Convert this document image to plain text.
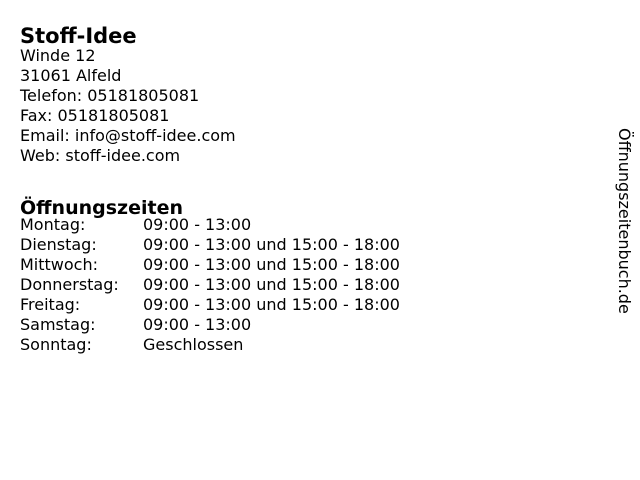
Stoff-Idee
Winde 12
31061 Alfeld
Telefon: 05181805081
Fax: 05181805081
Email: info@stoff-idee.com
Web: stoff-idee.com
Öffnungszeiten
Montag:	09:00 - 13:00
Dienstag:	09:00 - 13:00 und 15:00 - 18:00
Mittwoch:	09:00 - 13:00 und 15:00 - 18:00
Donnerstag:	09:00 - 13:00 und 15:00 - 18:00
Freitag:	09:00 - 13:00 und 15:00 - 18:00
Samstag:	09:00 - 13:00
Sonntag:	Geschlossen
Öffnungszeitenbuch.de
